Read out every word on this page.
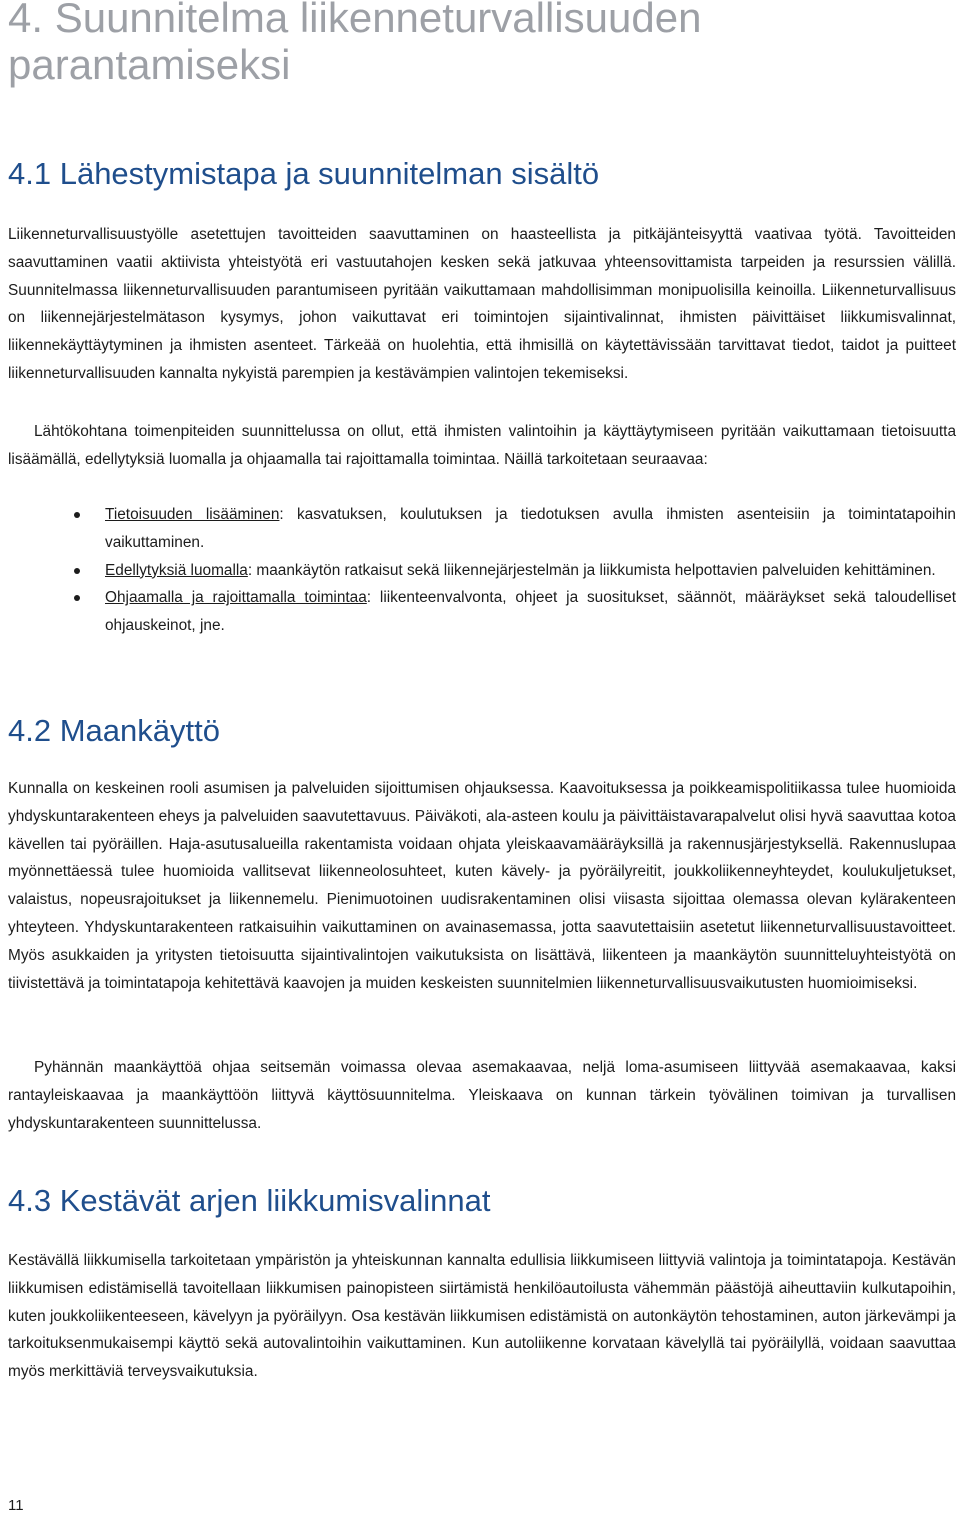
4. Suunnitelma liikenneturvallisuuden parantamiseksi
4.1 Lähestymistapa ja suunnitelman sisältö

Liikenneturvallisuustyölle asetettujen tavoitteiden saavuttaminen on haasteellista ja pitkäjänteisyyttä vaativaa työtä. Tavoitteiden saavuttaminen vaatii aktiivista yhteistyötä eri vastuutahojen kesken sekä jatkuvaa yhteensovittamista tarpeiden ja resurssien välillä. Suunnitelmassa liikenneturvallisuuden parantumiseen pyritään vaikuttamaan mahdollisimman monipuolisilla keinoilla. Liikenneturvallisuus on liikennejärjestelmätason kysymys, johon vaikuttavat eri toimintojen sijaintivalinnat, ihmisten päivittäiset liikkumisvalinnat, liikennekäyttäytyminen ja ihmisten asenteet. Tärkeää on huolehtia, että ihmisillä on käytettävissään tarvittavat tiedot, taidot ja puitteet liikenneturvallisuuden kannalta nykyistä parempien ja kestävämpien valintojen tekemiseksi.

Lähtökohtana toimenpiteiden suunnittelussa on ollut, että ihmisten valintoihin ja käyttäytymiseen pyritään vaikuttamaan tietoisuutta lisäämällä, edellytyksiä luomalla ja ohjaamalla tai rajoittamalla toimintaa. Näillä tarkoitetaan seuraavaa:

Tietoisuuden lisääminen: kasvatuksen, koulutuksen ja tiedotuksen avulla ihmisten asenteisiin ja toimintatapoihin vaikuttaminen.
Edellytyksiä luomalla: maankäytön ratkaisut sekä liikennejärjestelmän ja liikkumista helpottavien palveluiden kehittäminen.
Ohjaamalla ja rajoittamalla toimintaa: liikenteenvalvonta, ohjeet ja suositukset, säännöt, määräykset sekä taloudelliset ohjauskeinot, jne.
4.2 Maankäyttö

Kunnalla on keskeinen rooli asumisen ja palveluiden sijoittumisen ohjauksessa. Kaavoituksessa ja poikkeamispolitiikassa tulee huomioida yhdyskuntarakenteen eheys ja palveluiden saavutettavuus. Päiväkoti, ala-asteen koulu ja päivittäistavarapalvelut olisi hyvä saavuttaa kotoa kävellen tai pyöräillen. Haja-asutusalueilla rakentamista voidaan ohjata yleiskaavamääräyksillä ja rakennusjärjestyksellä. Rakennuslupaa myönnettäessä tulee huomioida vallitsevat liikenneolosuhteet, kuten kävely- ja pyöräilyreitit, joukkoliikenneyhteydet, koulukuljetukset, valaistus, nopeusrajoitukset ja liikennemelu. Pienimuotoinen uudisrakentaminen olisi viisasta sijoittaa olemassa olevan kylärakenteen yhteyteen. Yhdyskuntarakenteen ratkaisuihin vaikuttaminen on avainasemassa, jotta saavutettaisiin asetetut liikenneturvallisuustavoitteet. Myös asukkaiden ja yritysten tietoisuutta sijaintivalintojen vaikutuksista on lisättävä, liikenteen ja maankäytön suunnitteluyhteistyötä on tiivistettävä ja toimintatapoja kehitettävä kaavojen ja muiden keskeisten suunnitelmien liikenneturvallisuusvaikutusten huomioimiseksi.

Pyhännän maankäyttöä ohjaa seitsemän voimassa olevaa asemakaavaa, neljä loma-asumiseen liittyvää asemakaavaa, kaksi rantayleiskaavaa ja maankäyttöön liittyvä käyttösuunnitelma. Yleiskaava on kunnan tärkein työvälinen toimivan ja turvallisen yhdyskuntarakenteen suunnittelussa.

4.3 Kestävät arjen liikkumisvalinnat

Kestävällä liikkumisella tarkoitetaan ympäristön ja yhteiskunnan kannalta edullisia liikkumiseen liittyviä valintoja ja toimintatapoja. Kestävän liikkumisen edistämisellä tavoitellaan liikkumisen painopisteen siirtämistä henkilöautoilusta vähemmän päästöjä aiheuttaviin kulkutapoihin, kuten joukkoliikenteeseen, kävelyyn ja pyöräilyyn. Osa kestävän liikkumisen edistämistä on autonkäytön tehostaminen, auton järkevämpi ja tarkoituksenmukaisempi käyttö sekä autovalintoihin vaikuttaminen. Kun autoliikenne korvataan kävelyllä tai pyöräilyllä, voidaan saavuttaa myös merkittäviä terveysvaikutuksia.

11
